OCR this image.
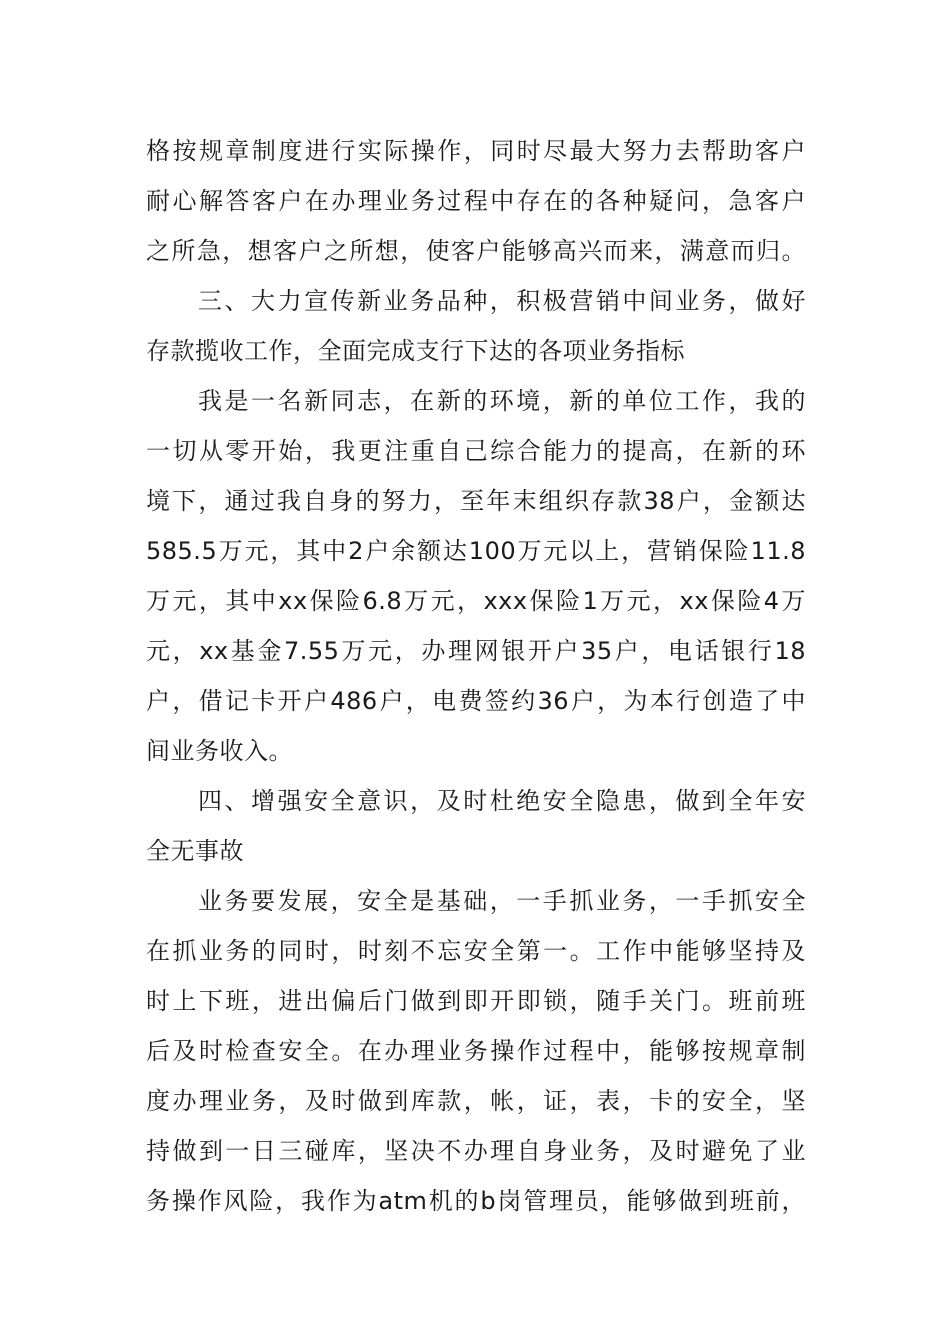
格按规章制度进行实际操作，同时尽最大努力去帮助客户
耐心解答客户在办理业务过程中存在的各种疑问，急客户
之所急，想客户之所想，使客户能够高兴而来，满意而归。
三、大力宣传新业务品种，积极营销中间业务，做好
存款揽收工作，全面完成支行下达的各项业务指标
我是一名新同志，在新的环境，新的单位工作，我的
一切从零开始，我更注重自己综合能力的提高，在新的环
境下，通过我自身的努力，至年末组织存款38户，金额达
585.5万元，其中2户余额达100万元以上，营销保险11.8
万元，其中xx保险6.8万元，xxx保险1万元，xx保险4万
元，xx基金7.55万元，办理网银开户35户，电话银行18
户，借记卡开户486户，电费签约36户，为本行创造了中
间业务收入。
四、增强安全意识，及时杜绝安全隐患，做到全年安
全无事故
业务要发展，安全是基础，一手抓业务，一手抓安全
在抓业务的同时，时刻不忘安全第一。工作中能够坚持及
时上下班，进出偏后门做到即开即锁，随手关门。班前班
后及时检查安全。在办理业务操作过程中，能够按规章制
度办理业务，及时做到库款，帐，证，表，卡的安全，坚
持做到一日三碰库，坚决不办理自身业务，及时避免了业
务操作风险，我作为atm机的b岗管理员，能够做到班前，
